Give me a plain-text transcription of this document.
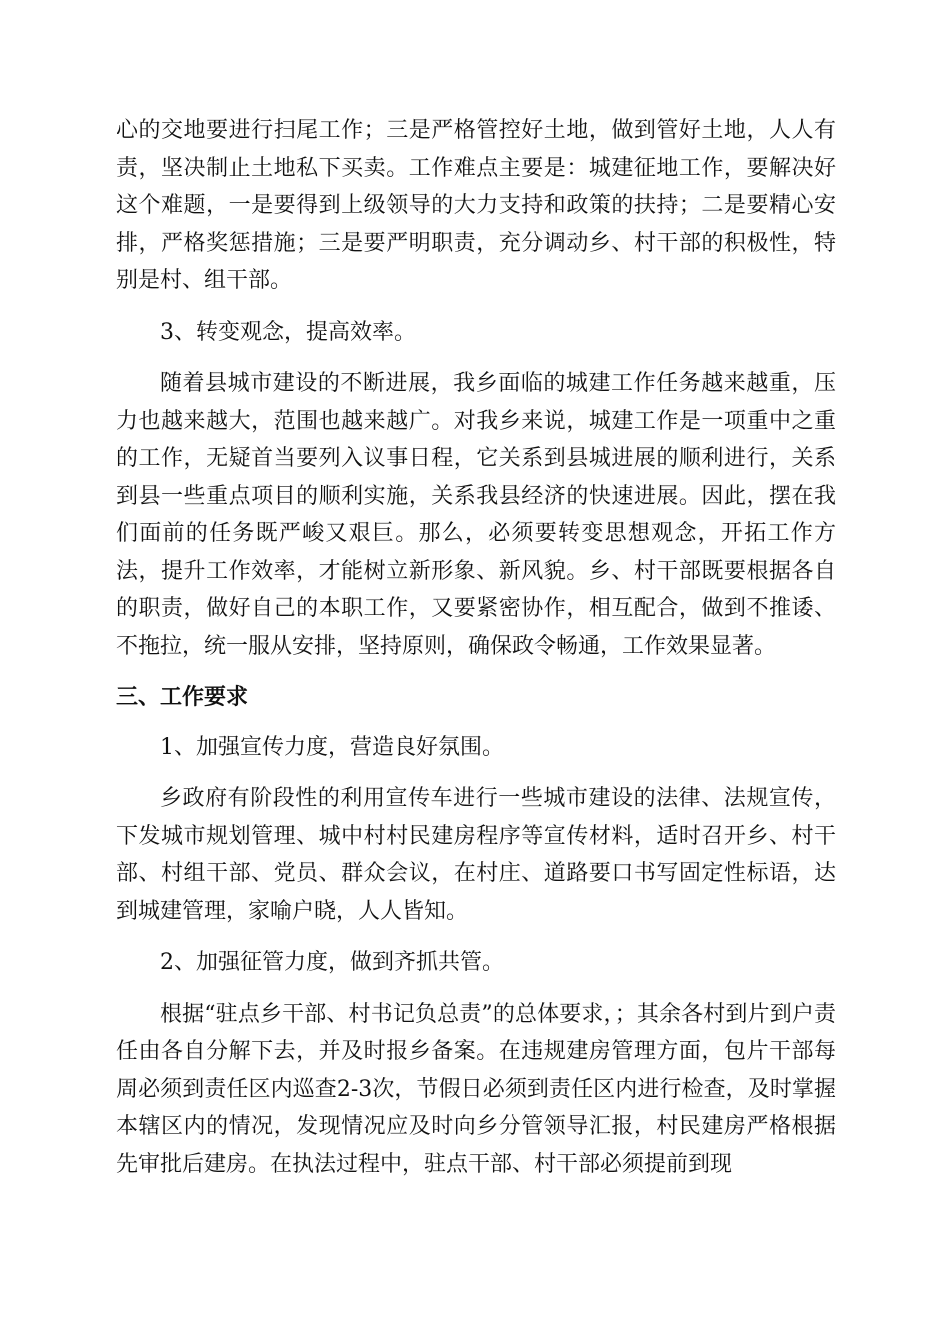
心的交地要进行扫尾工作；三是严格管控好土地，做到管好土地，人人有责，坚决制止土地私下买卖。工作难点主要是：城建征地工作，要解决好这个难题，一是要得到上级领导的大力支持和政策的扶持；二是要精心安排，严格奖惩措施；三是要严明职责，充分调动乡、村干部的积极性，特别是村、组干部。

3、转变观念，提高效率。

随着县城市建设的不断进展，我乡面临的城建工作任务越来越重，压力也越来越大，范围也越来越广。对我乡来说，城建工作是一项重中之重的工作，无疑首当要列入议事日程，它关系到县城进展的顺利进行，关系到县一些重点项目的顺利实施，关系我县经济的快速进展。因此，摆在我们面前的任务既严峻又艰巨。那么，必须要转变思想观念，开拓工作方法，提升工作效率，才能树立新形象、新风貌。乡、村干部既要根据各自的职责，做好自己的本职工作，又要紧密协作，相互配合，做到不推诿、不拖拉，统一服从安排，坚持原则，确保政令畅通，工作效果显著。

三、工作要求

1、加强宣传力度，营造良好氛围。

乡政府有阶段性的利用宣传车进行一些城市建设的法律、法规宣传，下发城市规划管理、城中村村民建房程序等宣传材料，适时召开乡、村干部、村组干部、党员、群众会议，在村庄、道路要口书写固定性标语，达到城建管理，家喻户晓，人人皆知。

2、加强征管力度，做到齐抓共管。

根据“驻点乡干部、村书记负总责”的总体要求，；其余各村到片到户责任由各自分解下去，并及时报乡备案。在违规建房管理方面，包片干部每周必须到责任区内巡查2-3次，节假日必须到责任区内进行检查，及时掌握本辖区内的情况，发现情况应及时向乡分管领导汇报，村民建房严格根据先审批后建房。在执法过程中，驻点干部、村干部必须提前到现
